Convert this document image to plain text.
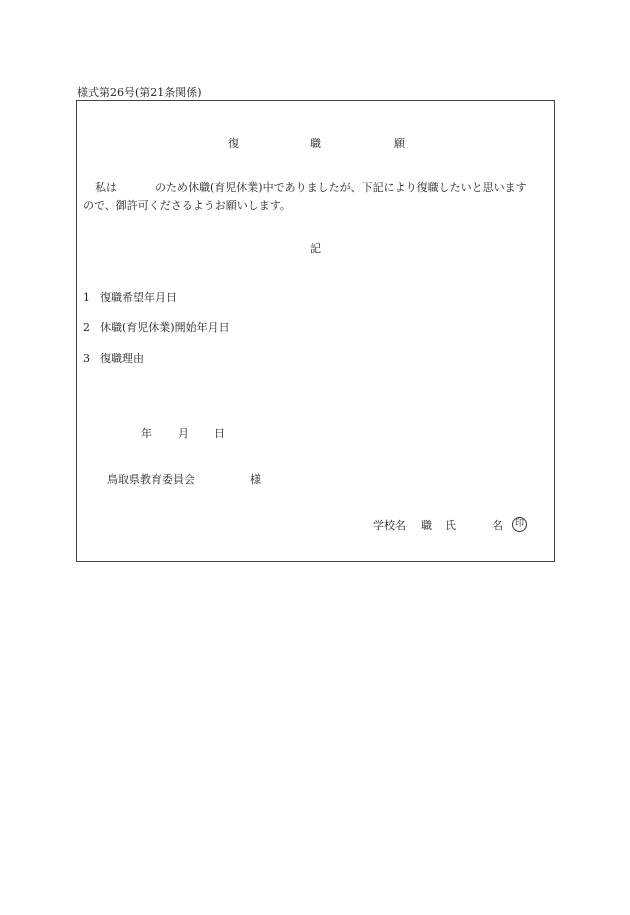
様式第26号(第21条関係)
復	職	願
私は	のため休職(育児休業)中でありましたが、下記により復職したいと思います
ので、御許可くださるようお願いします。
記
1 復職希望年月日
2 休職(育児休業)開始年月日
3 復職理由
年 月 日
鳥取県教育委員会	様
学校名 職 氏	名	印
